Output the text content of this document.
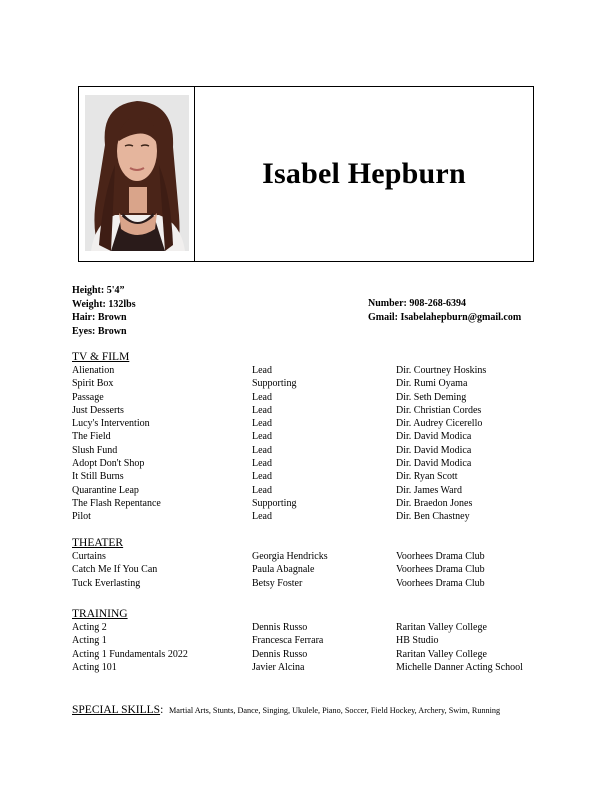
Isabel Hepburn
Height: 5'4”
Weight: 132lbs
Hair: Brown
Eyes: Brown
Number: 908-268-6394
Gmail: Isabelahepburn@gmail.com
TV & FILM
Alienation	Lead	Dir. Courtney Hoskins
Spirit Box	Supporting	Dir. Rumi Oyama
Passage	Lead	Dir. Seth Deming
Just Desserts	Lead	Dir. Christian Cordes
Lucy's Intervention	Lead	Dir. Audrey Cicerello
The Field	Lead	Dir. David Modica
Slush Fund	Lead	Dir. David Modica
Adopt Don't Shop	Lead	Dir. David Modica
It Still Burns	Lead	Dir. Ryan Scott
Quarantine Leap	Lead	Dir. James Ward
The Flash Repentance	Supporting	Dir. Braedon Jones
Pilot	Lead	Dir. Ben Chastney
THEATER
Curtains	Georgia Hendricks	Voorhees Drama Club
Catch Me If You Can	Paula Abagnale	Voorhees Drama Club
Tuck Everlasting	Betsy Foster	Voorhees Drama Club
TRAINING
Acting 2	Dennis Russo	Raritan Valley College
Acting 1	Francesca Ferrara	HB Studio
Acting 1 Fundamentals 2022	Dennis Russo	Raritan Valley College
Acting 101	Javier Alcina	Michelle Danner Acting School
SPECIAL SKILLS: Martial Arts, Stunts, Dance, Singing, Ukulele, Piano, Soccer, Field Hockey, Archery, Swim, Running
